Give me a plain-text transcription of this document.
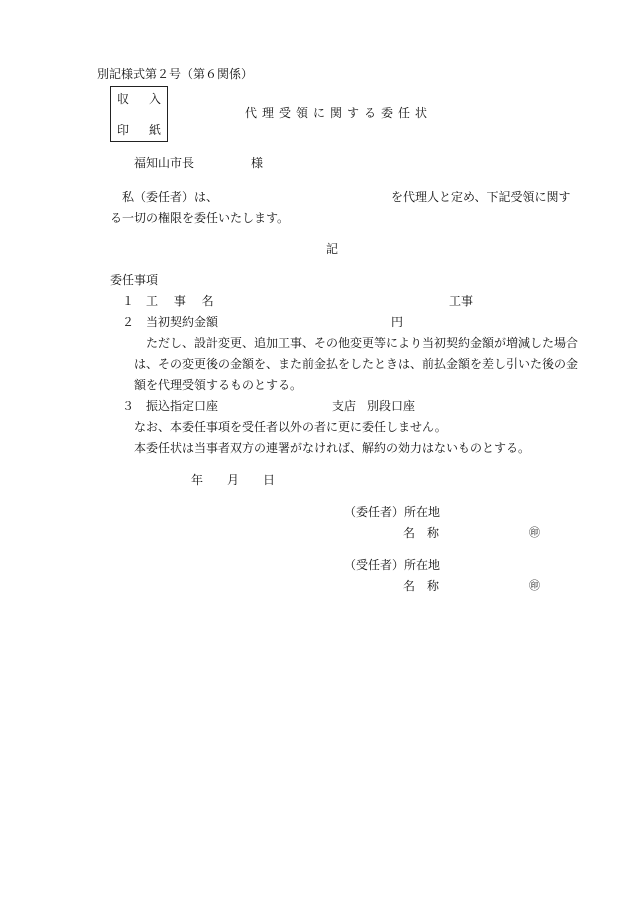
別記様式第２号（第６関係）
収 入
印 紙
代理受領に関する委任状
福知山市長	様
私（委任者）は、	を代理人と定め、下記受領に関す
る一切の権限を委任いたします。
記
委任事項
１ 工　 事　 名	工事
２ 当初契約金額	円
ただし、設計変更、追加工事、その他変更等により当初契約金額が増減した場合
は、その変更後の金額を、また前金払をしたときは、前払金額を差し引いた後の金
額を代理受領するものとする。
３ 振込指定口座	支店 別段口座
なお、本委任事項を受任者以外の者に更に委任しません。
本委任状は当事者双方の連署がなければ、解約の効力はないものとする。
年 月 日
（委任者）所在地
名　称	㊞
（受任者）所在地
名　称	㊞
